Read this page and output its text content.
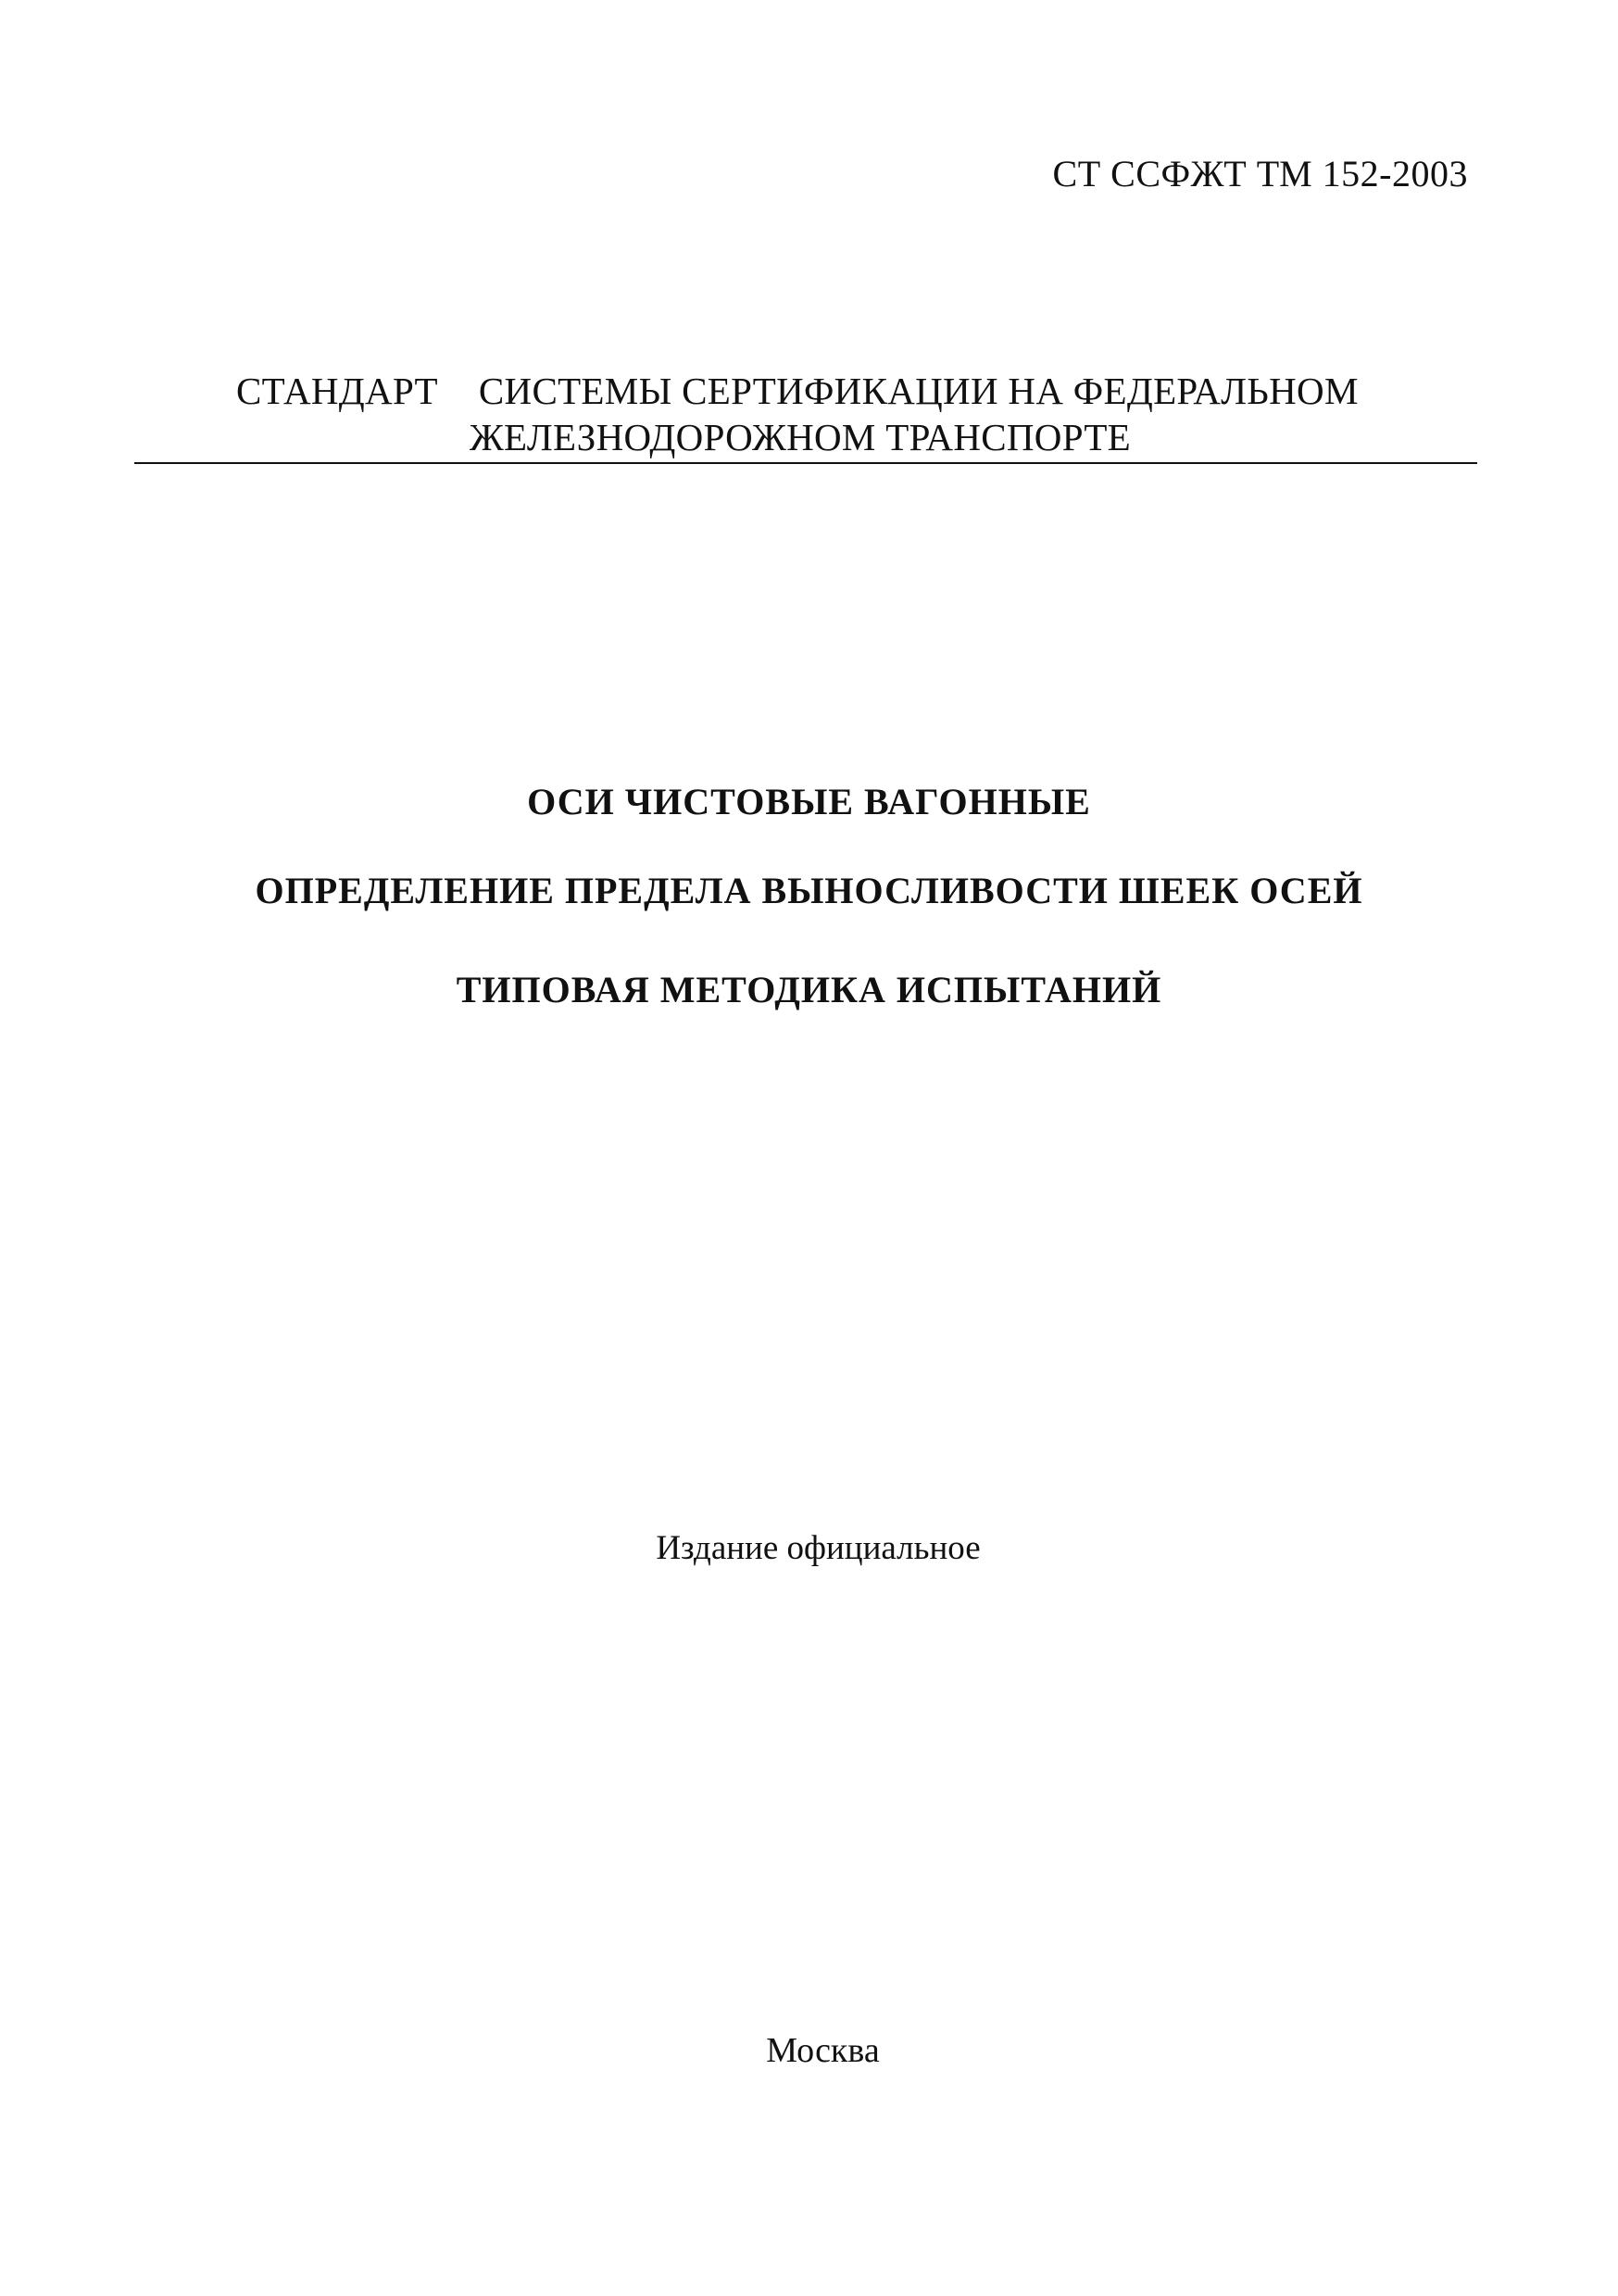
СТ ССФЖТ ТМ 152-2003
СТАНДАРТ СИСТЕМЫ СЕРТИФИКАЦИИ НА ФЕДЕРАЛЬНОМ
ЖЕЛЕЗНОДОРОЖНОМ ТРАНСПОРТЕ
ОСИ ЧИСТОВЫЕ ВАГОННЫЕ
ОПРЕДЕЛЕНИЕ ПРЕДЕЛА ВЫНОСЛИВОСТИ ШЕЕК ОСЕЙ
ТИПОВАЯ МЕТОДИКА ИСПЫТАНИЙ
Издание официальное
Москва
